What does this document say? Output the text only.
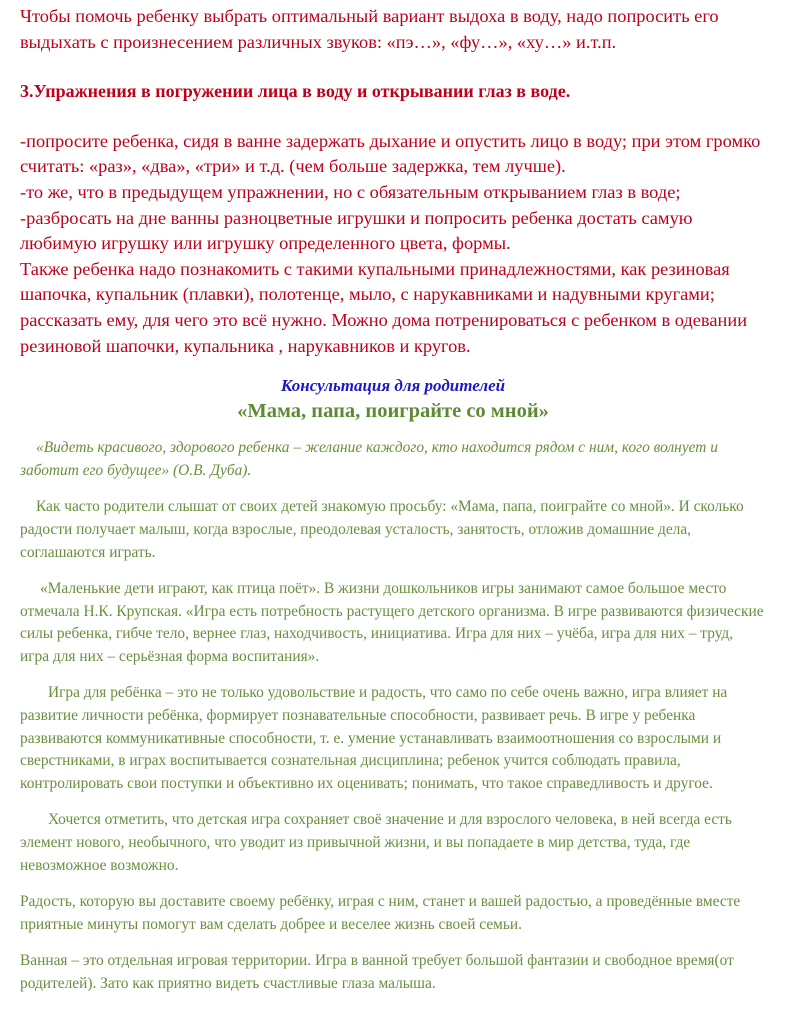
Чтобы помочь ребенку выбрать оптимальный вариант выдоха в воду, надо попросить его выдыхать с произнесением различных звуков: «пэ…», «фу…», «ху…» и.т.п.

3.Упражнения в погружении лица в воду и открывании глаз в воде.

-попросите ребенка, сидя в ванне задержать дыхание и опустить лицо в воду; при этом громко считать: «раз», «два», «три» и т.д. (чем больше задержка, тем лучше).

-то же, что в предыдущем упражнении, но с обязательным открыванием глаз в воде;

-разбросать на дне ванны разноцветные игрушки и попросить ребенка достать самую любимую игрушку или игрушку определенного цвета, формы.

Также ребенка надо познакомить с такими купальными принадлежностями, как резиновая шапочка, купальник (плавки), полотенце, мыло, с нарукавниками и надувными кругами; рассказать ему, для чего это всё нужно. Можно дома потренироваться с ребенком в одевании резиновой шапочки, купальника , нарукавников и кругов.

Консультация для родителей

«Мама, папа, поиграйте со мной»

«Видеть красивого, здорового ребенка – желание каждого, кто находится рядом с ним, кого волнует и заботит его будущее» (О.В. Дуба).

Как часто родители слышат от своих детей знакомую просьбу: «Мама, папа, поиграйте со мной». И сколько радости получает малыш, когда взрослые, преодолевая усталость, занятость, отложив домашние дела, соглашаются играть.

«Маленькие дети играют, как птица поёт». В жизни дошкольников игры занимают самое большое место отмечала Н.К. Крупская. «Игра есть потребность растущего детского организма. В игре развиваются физические силы ребенка, гибче тело, вернее глаз, находчивость, инициатива. Игра для них – учёба, игра для них – труд, игра для них – серьёзная форма воспитания».

Игра для ребёнка – это не только удовольствие и радость, что само по себе очень важно, игра влияет на развитие личности ребёнка, формирует познавательные способности, развивает речь. В игре у ребенка развиваются коммуникативные способности, т. е. умение устанавливать взаимоотношения со взрослыми и сверстниками, в играх воспитывается сознательная дисциплина; ребенок учится соблюдать правила, контролировать свои поступки и объективно их оценивать; понимать, что такое справедливость и другое.

Хочется отметить, что детская игра сохраняет своё значение и для взрослого человека, в ней всегда есть элемент нового, необычного, что уводит из привычной жизни, и вы попадаете в мир детства, туда, где невозможное возможно.

Радость, которую вы доставите своему ребёнку, играя с ним, станет и вашей радостью, а проведённые вместе приятные минуты помогут вам сделать добрее и веселее жизнь своей семьи.

Ванная – это отдельная игровая территории. Игра в ванной требует большой фантазии и свободное время(от родителей). Зато как приятно видеть счастливые глаза малыша.
